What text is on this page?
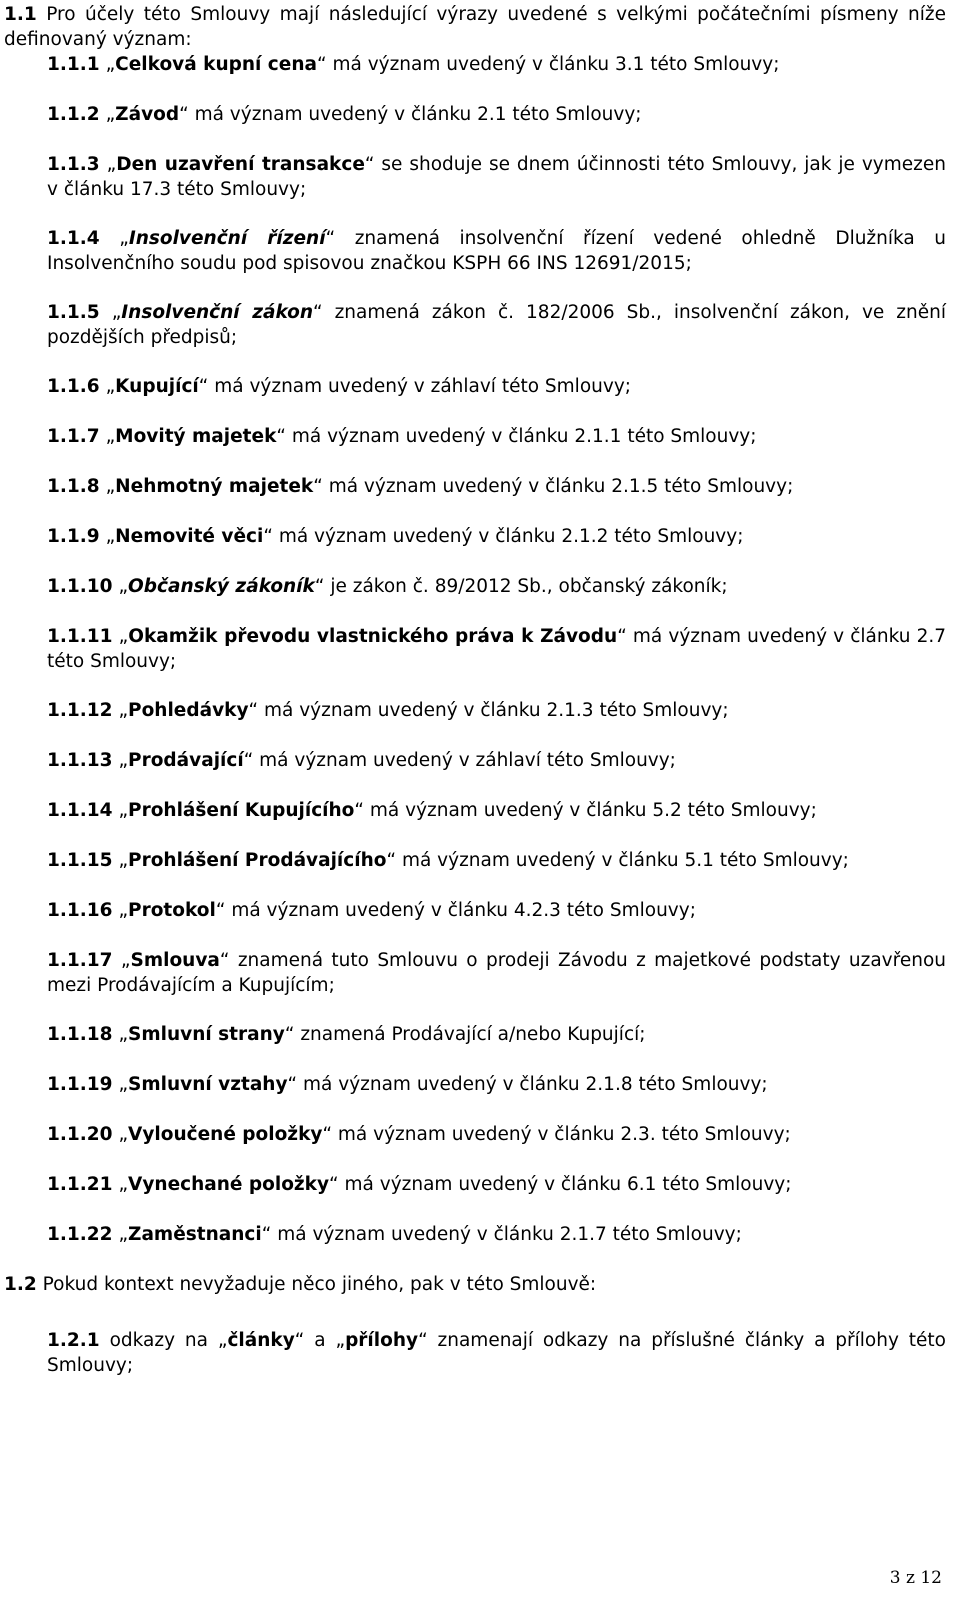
1.1 Pro účely této Smlouvy mají následující výrazy uvedené s velkými počátečními písmeny níže definovaný význam:

1.1.1 „Celková kupní cena“ má význam uvedený v článku 3.1 této Smlouvy;

1.1.2 „Závod“ má význam uvedený v článku 2.1 této Smlouvy;

1.1.3 „Den uzavření transakce“ se shoduje se dnem účinnosti této Smlouvy, jak je vymezen v článku 17.3 této Smlouvy;

1.1.4 „Insolvenční řízení“ znamená insolvenční řízení vedené ohledně Dlužníka u Insolvenčního soudu pod spisovou značkou KSPH 66 INS 12691/2015;

1.1.5 „Insolvenční zákon“ znamená zákon č. 182/2006 Sb., insolvenční zákon, ve znění pozdějších předpisů;

1.1.6 „Kupující“ má význam uvedený v záhlaví této Smlouvy;

1.1.7 „Movitý majetek“ má význam uvedený v článku 2.1.1 této Smlouvy;

1.1.8 „Nehmotný majetek“ má význam uvedený v článku 2.1.5 této Smlouvy;

1.1.9 „Nemovité věci“ má význam uvedený v článku 2.1.2 této Smlouvy;

1.1.10 „Občanský zákoník“ je zákon č. 89/2012 Sb., občanský zákoník;

1.1.11 „Okamžik převodu vlastnického práva k Závodu“ má význam uvedený v článku 2.7 této Smlouvy;

1.1.12 „Pohledávky“ má význam uvedený v článku 2.1.3 této Smlouvy;

1.1.13 „Prodávající“ má význam uvedený v záhlaví této Smlouvy;

1.1.14 „Prohlášení Kupujícího“ má význam uvedený v článku 5.2 této Smlouvy;

1.1.15 „Prohlášení Prodávajícího“ má význam uvedený v článku 5.1 této Smlouvy;

1.1.16 „Protokol“ má význam uvedený v článku 4.2.3 této Smlouvy;

1.1.17 „Smlouva“ znamená tuto Smlouvu o prodeji Závodu z majetkové podstaty uzavřenou mezi Prodávajícím a Kupujícím;

1.1.18 „Smluvní strany“ znamená Prodávající a/nebo Kupující;

1.1.19 „Smluvní vztahy“ má význam uvedený v článku 2.1.8 této Smlouvy;

1.1.20 „Vyloučené položky“ má význam uvedený v článku 2.3. této Smlouvy;

1.1.21 „Vynechané položky“ má význam uvedený v článku 6.1 této Smlouvy;

1.1.22 „Zaměstnanci“ má význam uvedený v článku 2.1.7 této Smlouvy;

1.2 Pokud kontext nevyžaduje něco jiného, pak v této Smlouvě:

1.2.1 odkazy na „články“ a „přílohy“ znamenají odkazy na příslušné články a přílohy této Smlouvy;

3 z 12
